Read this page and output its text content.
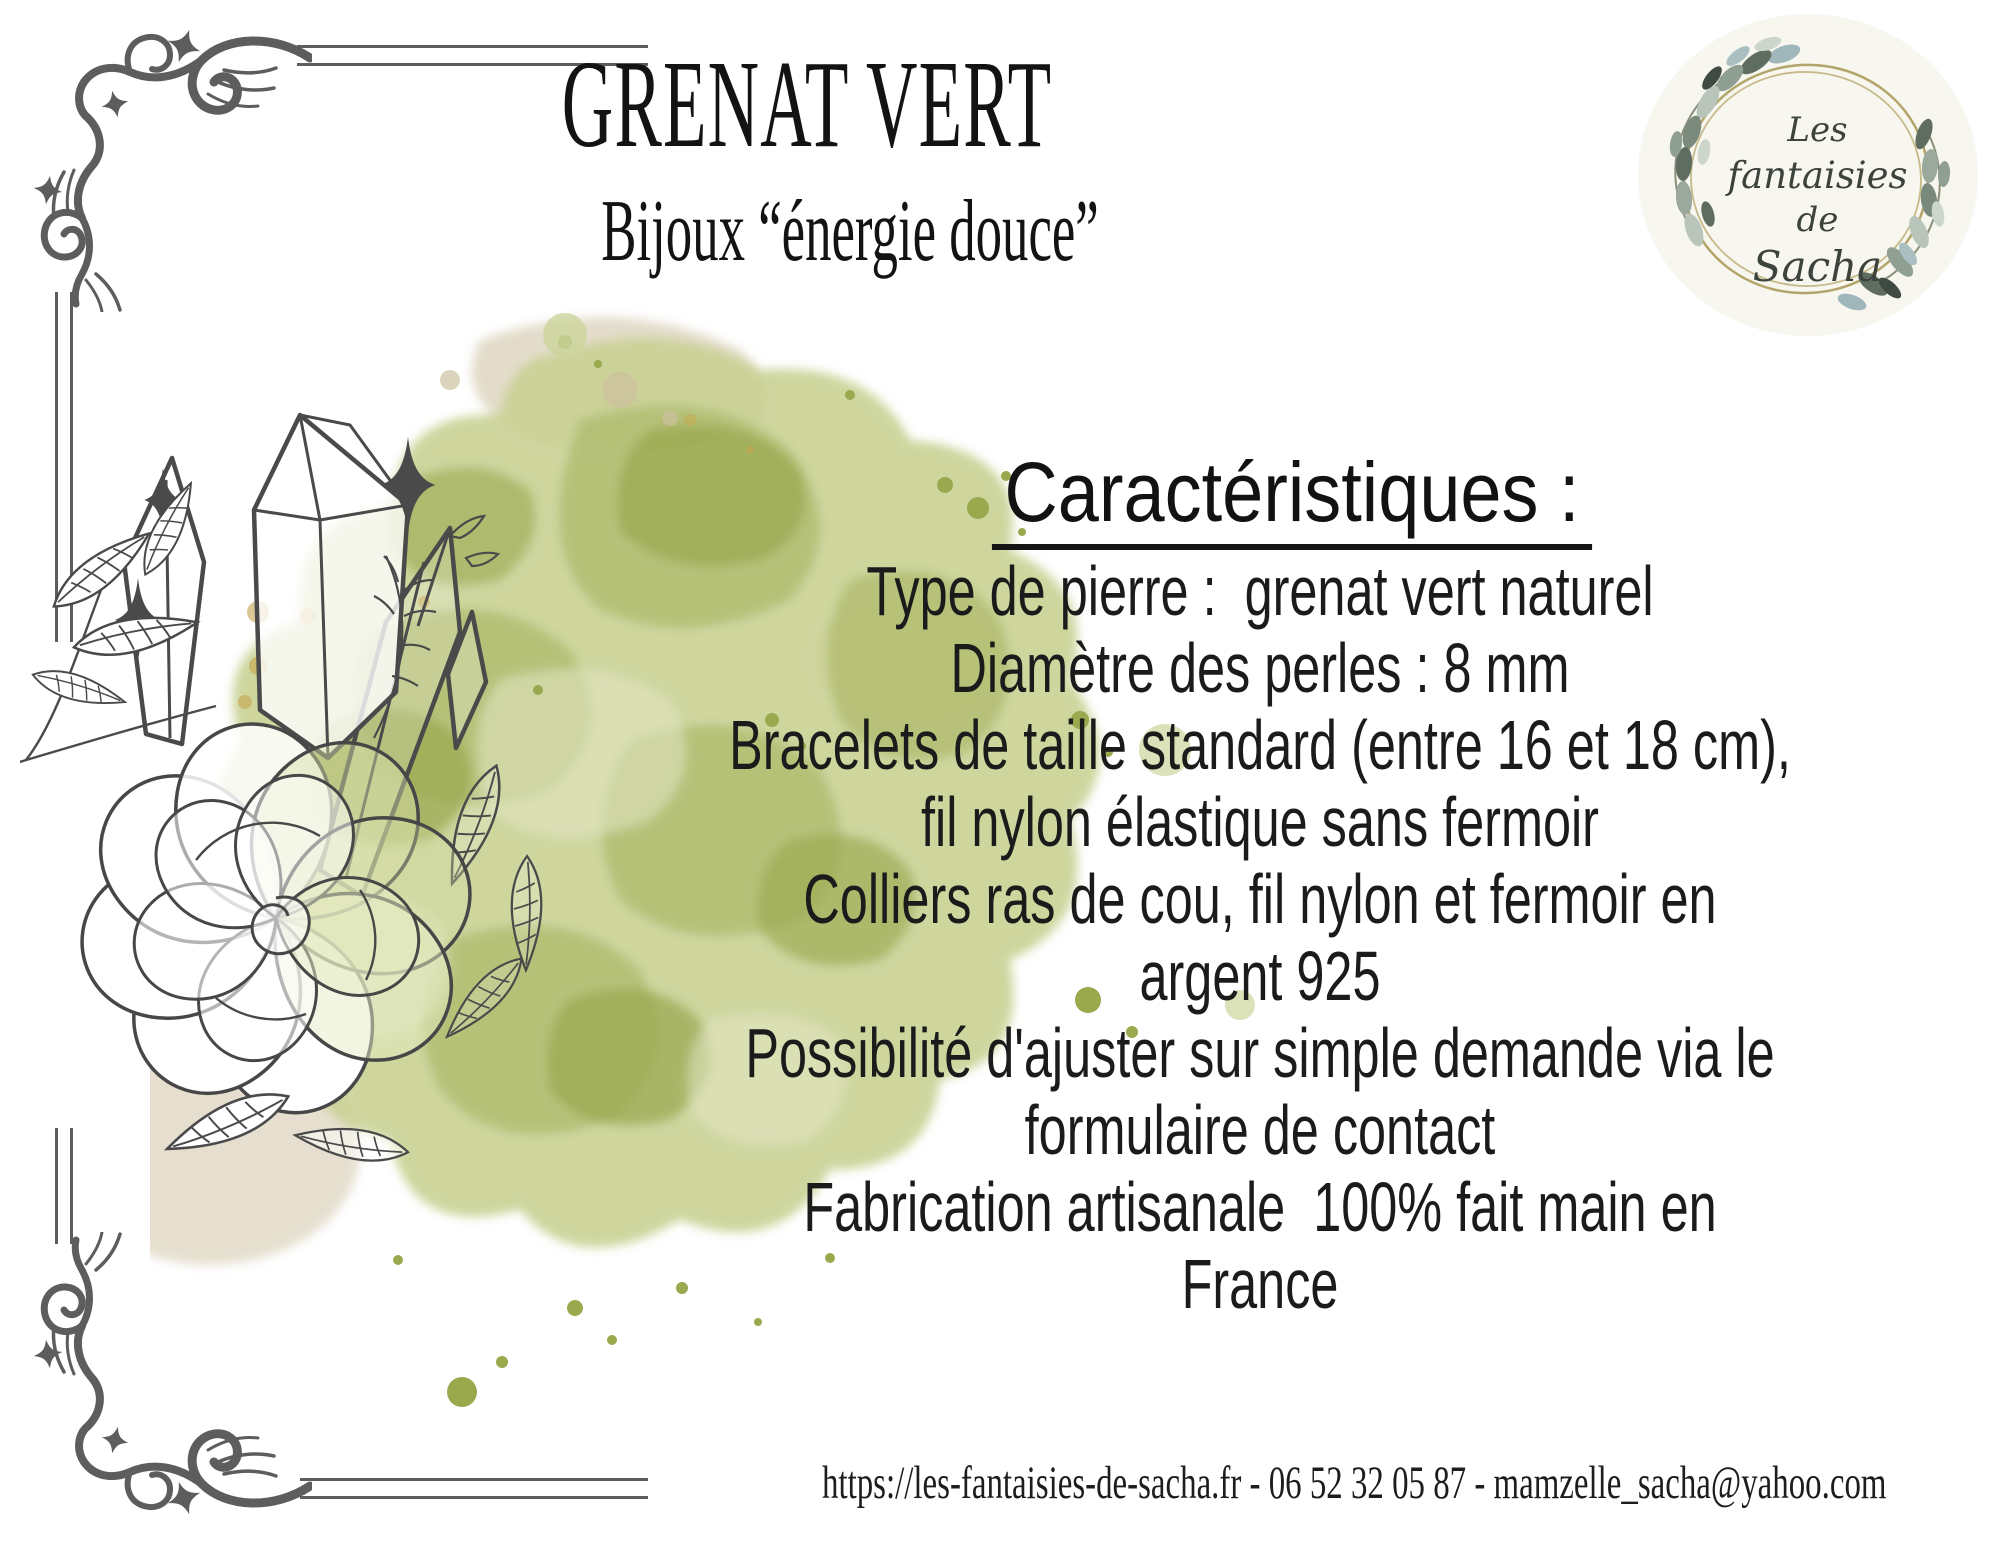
GRENAT VERT
Bijoux “énergie douce”
Les
fantaisies
de
Sacha
Caractéristiques :
Type de pierre :  grenat vert naturel
Diamètre des perles : 8 mm
Bracelets de taille standard (entre 16 et 18 cm),
fil nylon élastique sans fermoir
Colliers ras de cou, fil nylon et fermoir en
argent 925
Possibilité d'ajuster sur simple demande via le
formulaire de contact
Fabrication artisanale  100% fait main en
France
https://les-fantaisies-de-sacha.fr - 06 52 32 05 87 - mamzelle_sacha@yahoo.com
